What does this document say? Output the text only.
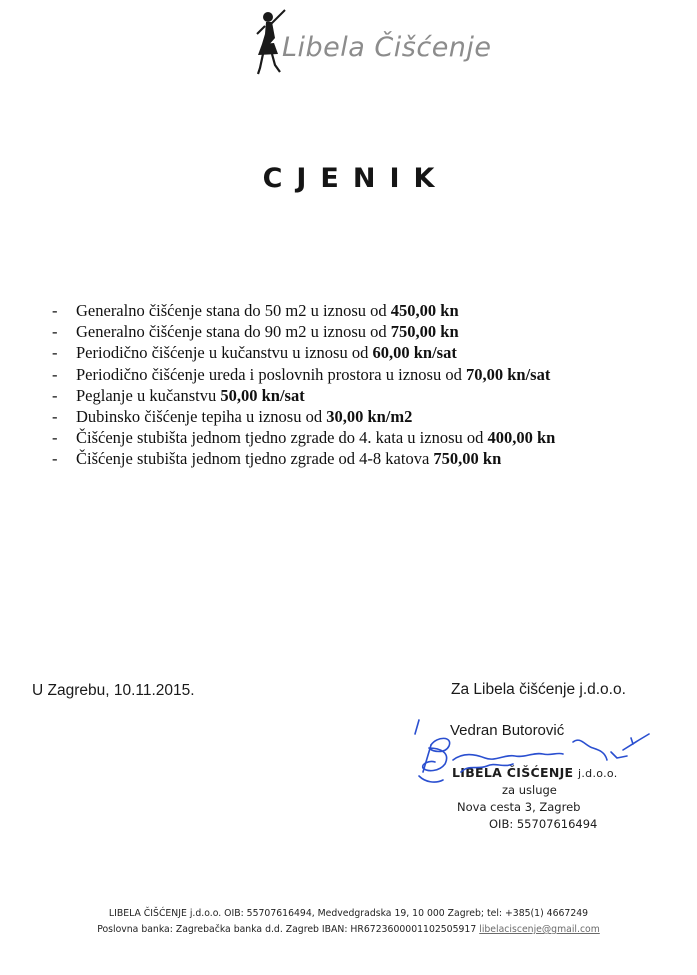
Libela Čišćenje
CJENIK
- Generalno čišćenje stana do 50 m2 u iznosu od 450,00 kn
- Generalno čišćenje stana do 90 m2 u iznosu od 750,00 kn
- Periodično čišćenje u kučanstvu u iznosu od 60,00 kn/sat
- Periodično čišćenje ureda i poslovnih prostora u iznosu od 70,00 kn/sat
- Peglanje u kučanstvu 50,00 kn/sat
- Dubinsko čišćenje tepiha u iznosu od 30,00 kn/m2
- Čišćenje stubišta jednom tjedno zgrade do 4. kata u iznosu od 400,00 kn
- Čišćenje stubišta jednom tjedno zgrade od 4-8 katova 750,00 kn
U Zagrebu, 10.11.2015.	Za Libela čišćenje j.d.o.o.
Vedran Butorović
LIBELA ČIŠĆENJE j.d.o.o.
za usluge
Nova cesta 3, Zagreb
OIB: 55707616494
LIBELA ČIŠĆENJE j.d.o.o. OIB: 55707616494, Medvedgradska 19, 10 000 Zagreb; tel: +385(1) 4667249
Poslovna banka: Zagrebačka banka d.d. Zagreb IBAN: HR6723600001102505917 libelaciscenje@gmail.com
